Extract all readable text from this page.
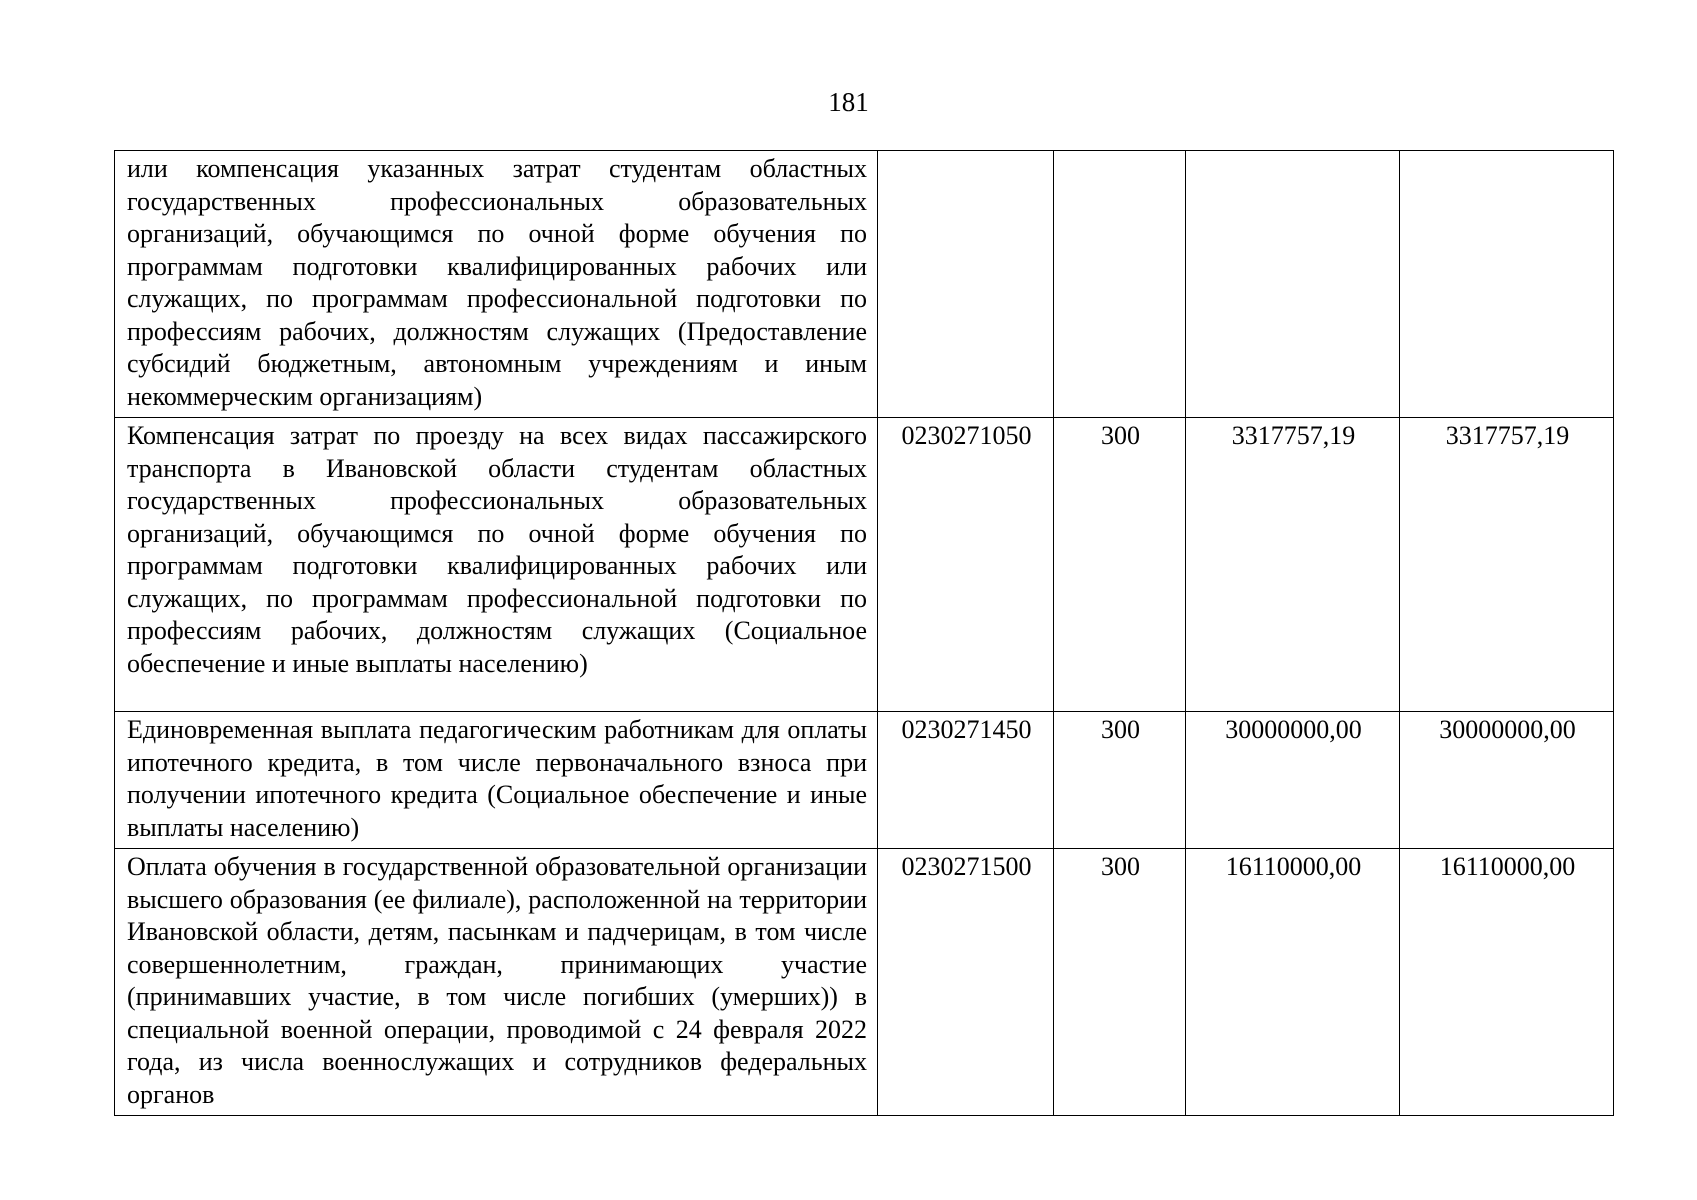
181
или компенсация указанных затрат студентам областных государственных профессиональных образовательных организаций, обучающимся по очной форме обучения по программам подготовки квалифицированных рабочих или служащих, по программам профессиональной подготовки по профессиям рабочих, должностям служащих (Предоставление субсидий бюджетным, автономным учреждениям и иным некоммерческим организациям)				
Компенсация затрат по проезду на всех видах пассажирского транспорта в Ивановской области студентам областных государственных профессиональных образовательных организаций, обучающимся по очной форме обучения по программам подготовки квалифицированных рабочих или служащих, по программам профессиональной подготовки по профессиям рабочих, должностям служащих (Социальное обеспечение и иные выплаты населению)	0230271050	300	3317757,19	3317757,19
Единовременная выплата педагогическим работникам для оплаты ипотечного кредита, в том числе первоначального взноса при получении ипотечного кредита (Социальное обеспечение и иные выплаты населению)	0230271450	300	30000000,00	30000000,00
Оплата обучения в государственной образовательной организации высшего образования (ее филиале), расположенной на территории Ивановской области, детям, пасынкам и падчерицам, в том числе совершеннолетним, граждан, принимающих участие (принимавших участие, в том числе погибших (умерших)) в специальной военной операции, проводимой с 24 февраля 2022 года, из числа военнослужащих и сотрудников федеральных органов	0230271500	300	16110000,00	16110000,00
